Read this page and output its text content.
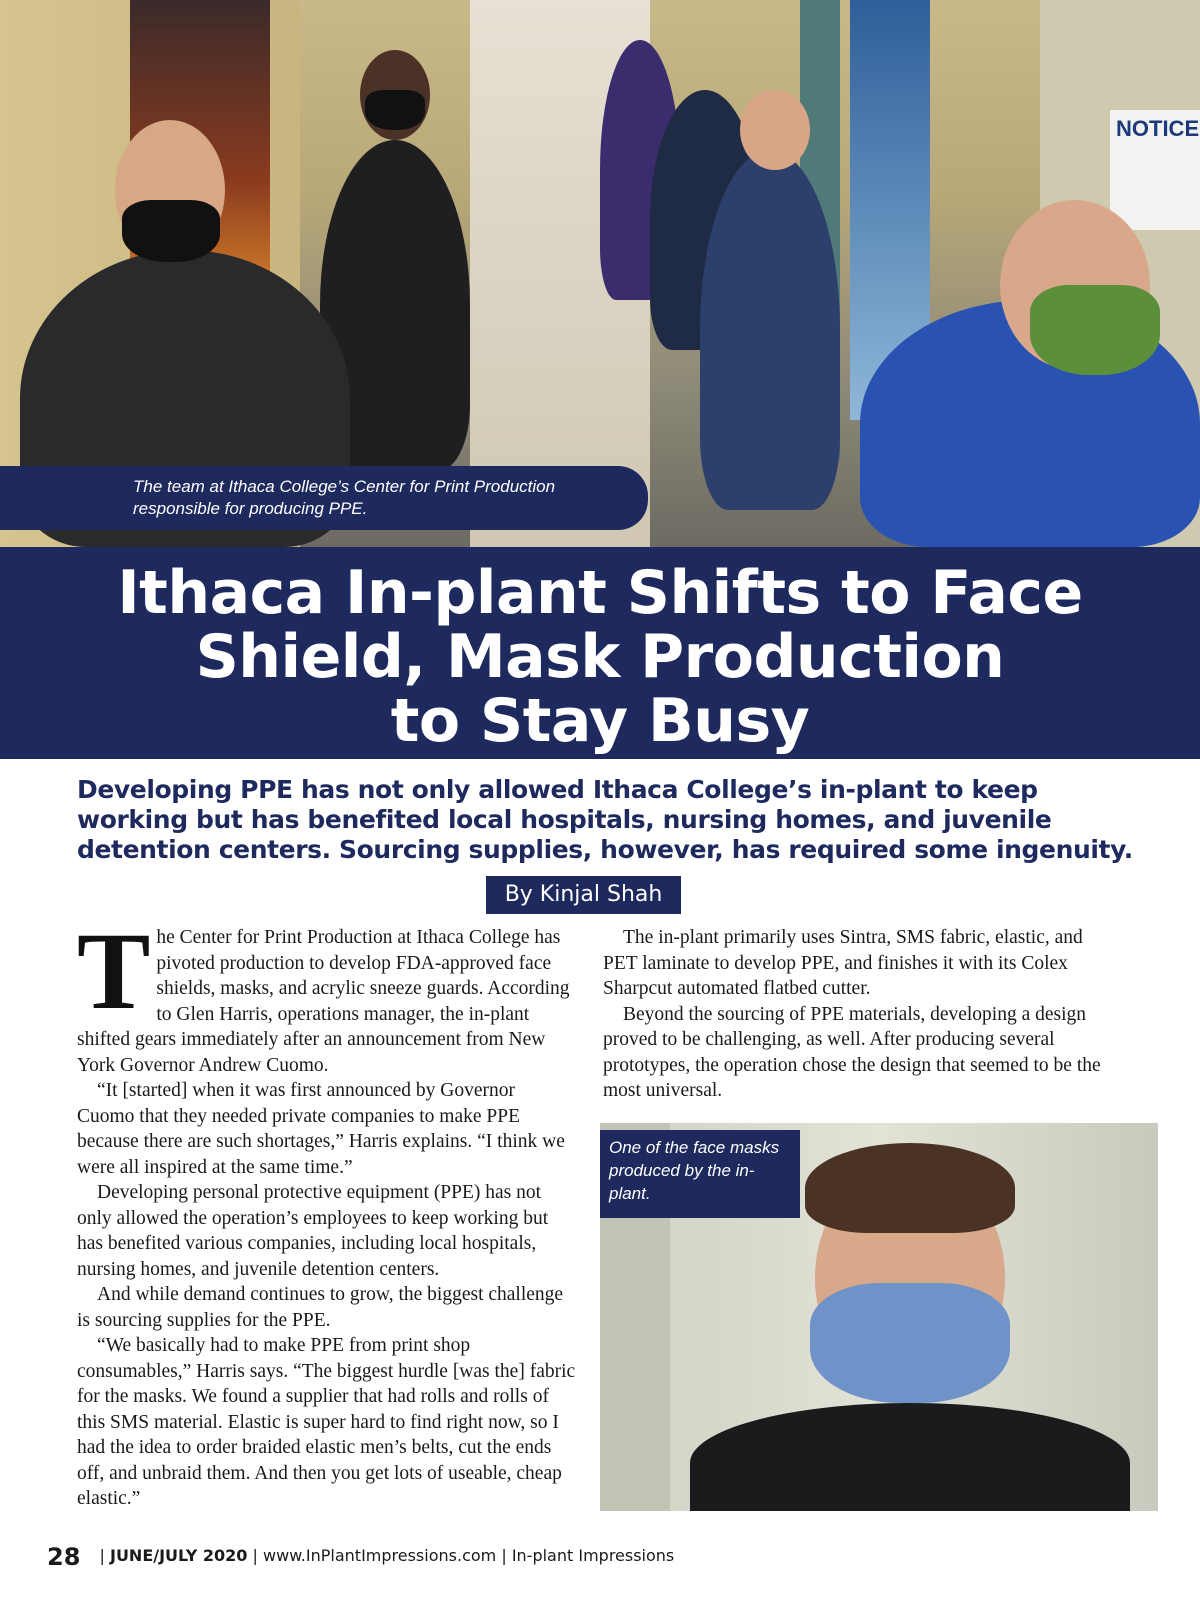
NOTICE
The team at Ithaca College’s Center for Print Production
responsible for producing PPE.
Ithaca In-plant Shifts to Face
Shield, Mask Production
to Stay Busy
Developing PPE has not only allowed Ithaca College’s in-plant to keep working but has benefited local hospitals, nursing homes, and juvenile detention centers. Sourcing supplies, however, has required some ingenuity.
By Kinjal Shah

The Center for Print Production at Ithaca College has pivoted production to develop FDA-approved face shields, masks, and acrylic sneeze guards. According to Glen Harris, operations manager, the in-plant shifted gears immediately after an announcement from New York Governor Andrew Cuomo.

“It [started] when it was first announced by Governor Cuomo that they needed private companies to make PPE because there are such shortages,” Harris explains. “I think we were all inspired at the same time.”

Developing personal protective equipment (PPE) has not only allowed the operation’s employees to keep working but has benefited various companies, including local hospitals, nursing homes, and juvenile detention centers.

And while demand continues to grow, the biggest challenge is sourcing supplies for the PPE.

“We basically had to make PPE from print shop consumables,” Harris says. “The biggest hurdle [was the] fabric for the masks. We found a supplier that had rolls and rolls of this SMS material. Elastic is super hard to find right now, so I had the idea to order braided elastic men’s belts, cut the ends off, and unbraid them. And then you get lots of useable, cheap elastic.”

The in-plant primarily uses Sintra, SMS fabric, elastic, and PET laminate to develop PPE, and finishes it with its Colex Sharpcut automated flatbed cutter.

Beyond the sourcing of PPE materials, developing a design proved to be challenging, as well. After producing several prototypes, the operation chose the design that seemed to be the most universal.

One of the face masks produced by the in-plant.
28 | JUNE/JULY 2020 | www.InPlantImpressions.com | In-plant Impressions
